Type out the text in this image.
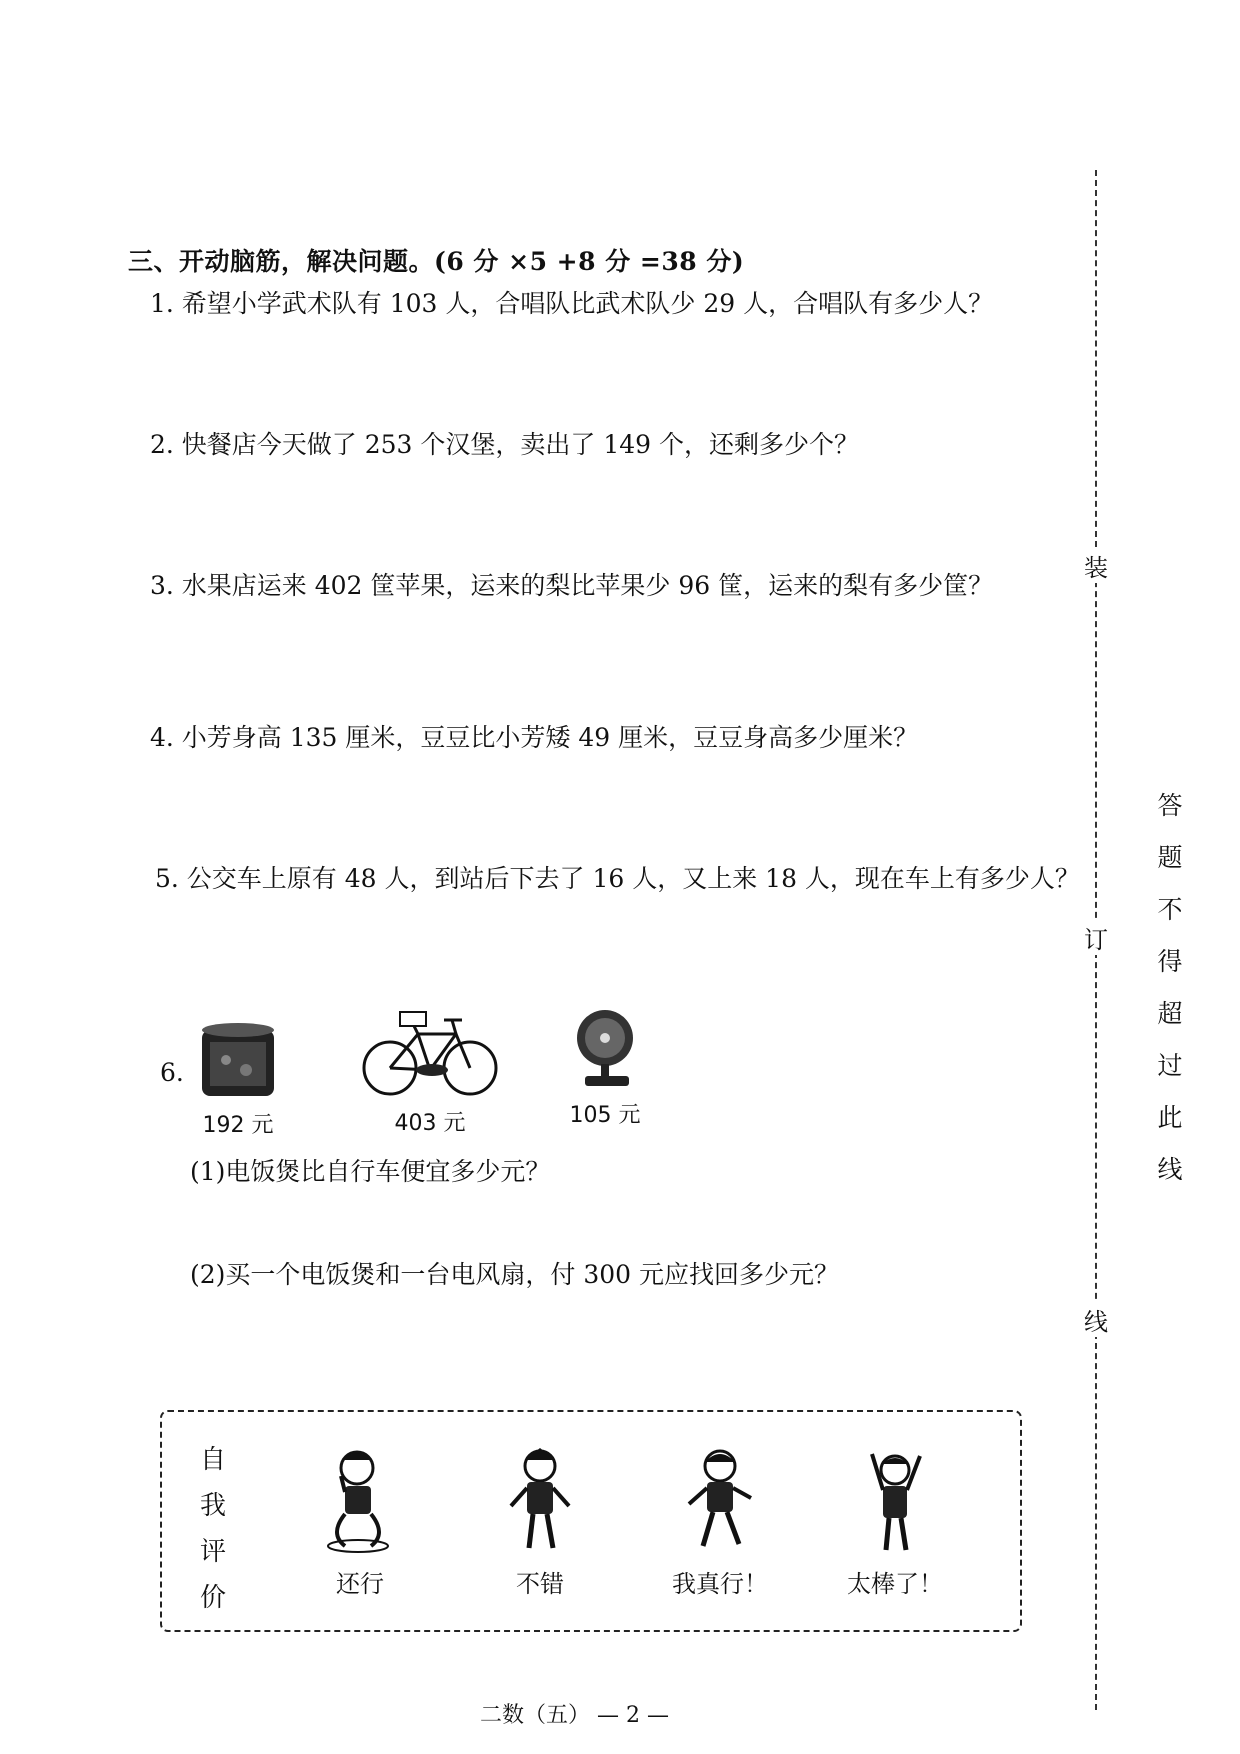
三、开动脑筋，解决问题。(6 分 ×5 +8 分 =38 分)
1. 希望小学武术队有 103 人，合唱队比武术队少 29 人，合唱队有多少人？
2. 快餐店今天做了 253 个汉堡，卖出了 149 个，还剩多少个？
3. 水果店运来 402 筐苹果，运来的梨比苹果少 96 筐，运来的梨有多少筐？
4. 小芳身高 135 厘米，豆豆比小芳矮 49 厘米，豆豆身高多少厘米？
5. 公交车上原有 48 人，到站后下去了 16 人，又上来 18 人，现在车上有多少人？
6.
192 元	403 元	105 元
(1)电饭煲比自行车便宜多少元？
(2)买一个电饭煲和一台电风扇，付 300 元应找回多少元？
自
我
评
价	还行	不错	我真行！	太棒了！
二数（五） — 2 —
装
订
线
答
题
不
得
超
过
此
线
